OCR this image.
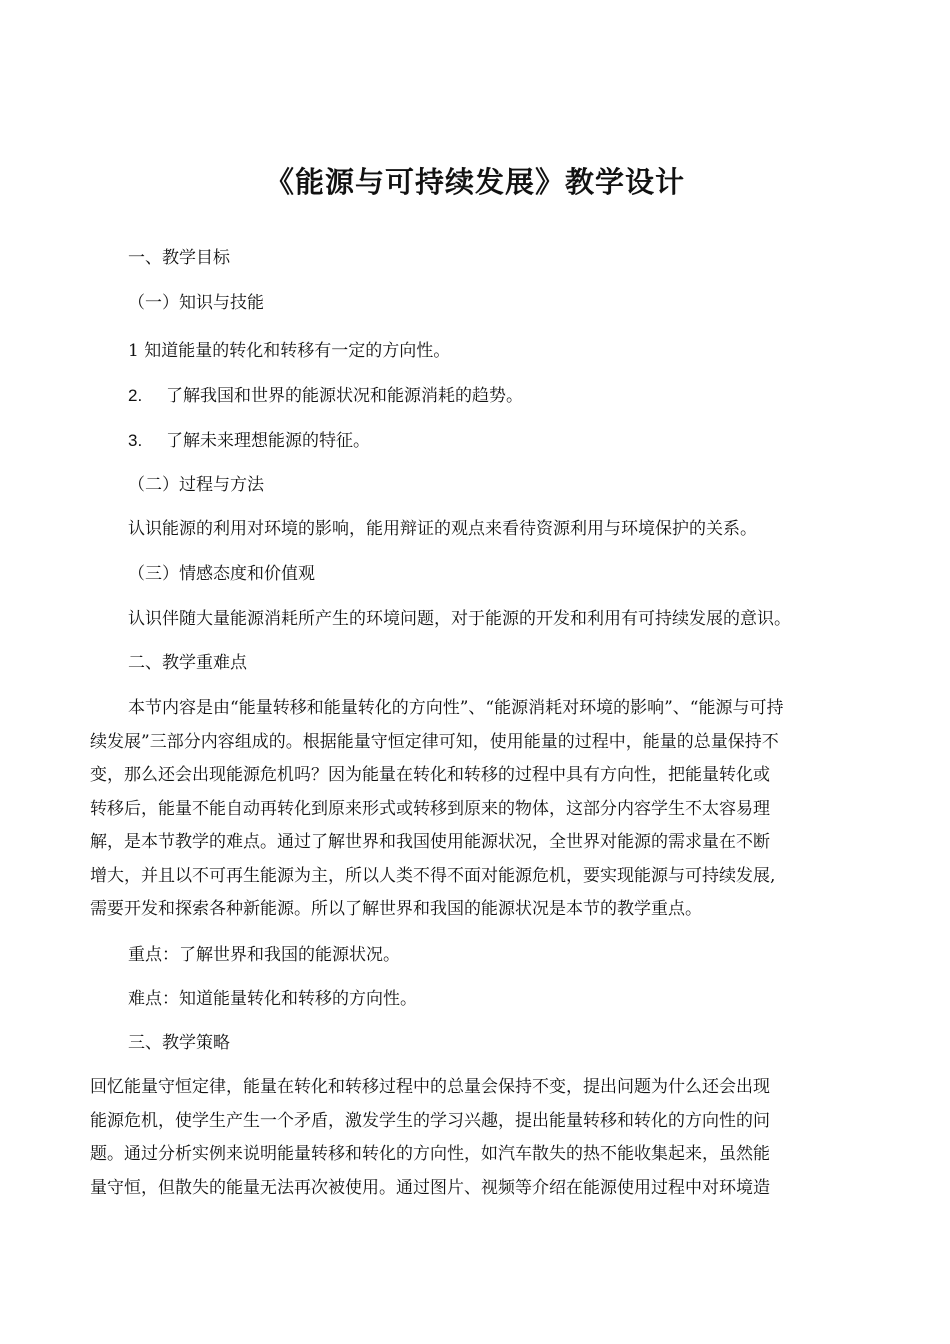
《能源与可持续发展》教学设计

一、教学目标

（一）知识与技能

1 知道能量的转化和转移有一定的方向性。

2. 了解我国和世界的能源状况和能源消耗的趋势。

3. 了解未来理想能源的特征。

（二）过程与方法

认识能源的利用对环境的影响，能用辩证的观点来看待资源利用与环境保护的关系。

（三）情感态度和价值观

认识伴随大量能源消耗所产生的环境问题，对于能源的开发和利用有可持续发展的意识。

二、教学重难点

本节内容是由“能量转移和能量转化的方向性”、“能源消耗对环境的影响”、“能源与可持
续发展”三部分内容组成的。根据能量守恒定律可知，使用能量的过程中，能量的总量保持不
变，那么还会出现能源危机吗？因为能量在转化和转移的过程中具有方向性，把能量转化或
转移后，能量不能自动再转化到原来形式或转移到原来的物体，这部分内容学生不太容易理
解，是本节教学的难点。通过了解世界和我国使用能源状况，全世界对能源的需求量在不断
增大，并且以不可再生能源为主，所以人类不得不面对能源危机，要实现能源与可持续发展,
需要开发和探索各种新能源。所以了解世界和我国的能源状况是本节的教学重点。

重点：了解世界和我国的能源状况。

难点：知道能量转化和转移的方向性。

三、教学策略

回忆能量守恒定律，能量在转化和转移过程中的总量会保持不变，提出问题为什么还会出现
能源危机，使学生产生一个矛盾，激发学生的学习兴趣，提出能量转移和转化的方向性的问
题。通过分析实例来说明能量转移和转化的方向性，如汽车散失的热不能收集起来，虽然能
量守恒，但散失的能量无法再次被使用。通过图片、视频等介绍在能源使用过程中对环境造
